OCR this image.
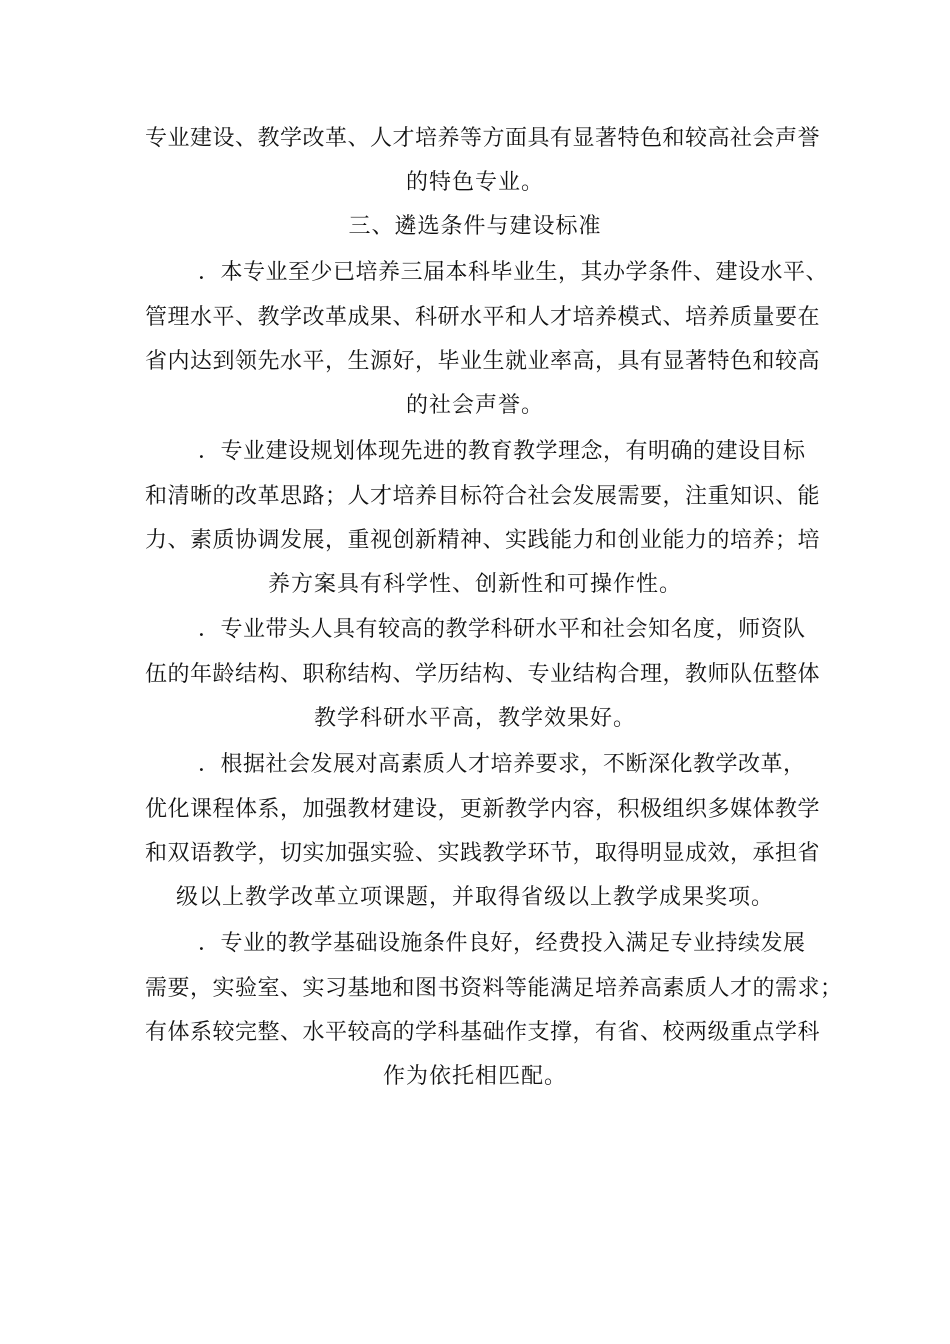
专业建设、教学改革、人才培养等方面具有显著特色和较高社会声誉
的特色专业。
三、遴选条件与建设标准
．本专业至少已培养三届本科毕业生，其办学条件、建设水平、
管理水平、教学改革成果、科研水平和人才培养模式、培养质量要在
省内达到领先水平，生源好，毕业生就业率高，具有显著特色和较高
的社会声誉。
．专业建设规划体现先进的教育教学理念，有明确的建设目标
和清晰的改革思路；人才培养目标符合社会发展需要，注重知识、能
力、素质协调发展，重视创新精神、实践能力和创业能力的培养；培
养方案具有科学性、创新性和可操作性。
．专业带头人具有较高的教学科研水平和社会知名度，师资队
伍的年龄结构、职称结构、学历结构、专业结构合理，教师队伍整体
教学科研水平高，教学效果好。
．根据社会发展对高素质人才培养要求，不断深化教学改革，
优化课程体系，加强教材建设，更新教学内容，积极组织多媒体教学
和双语教学，切实加强实验、实践教学环节，取得明显成效，承担省
级以上教学改革立项课题，并取得省级以上教学成果奖项。
．专业的教学基础设施条件良好，经费投入满足专业持续发展
需要，实验室、实习基地和图书资料等能满足培养高素质人才的需求；
有体系较完整、水平较高的学科基础作支撑，有省、校两级重点学科
作为依托相匹配。
